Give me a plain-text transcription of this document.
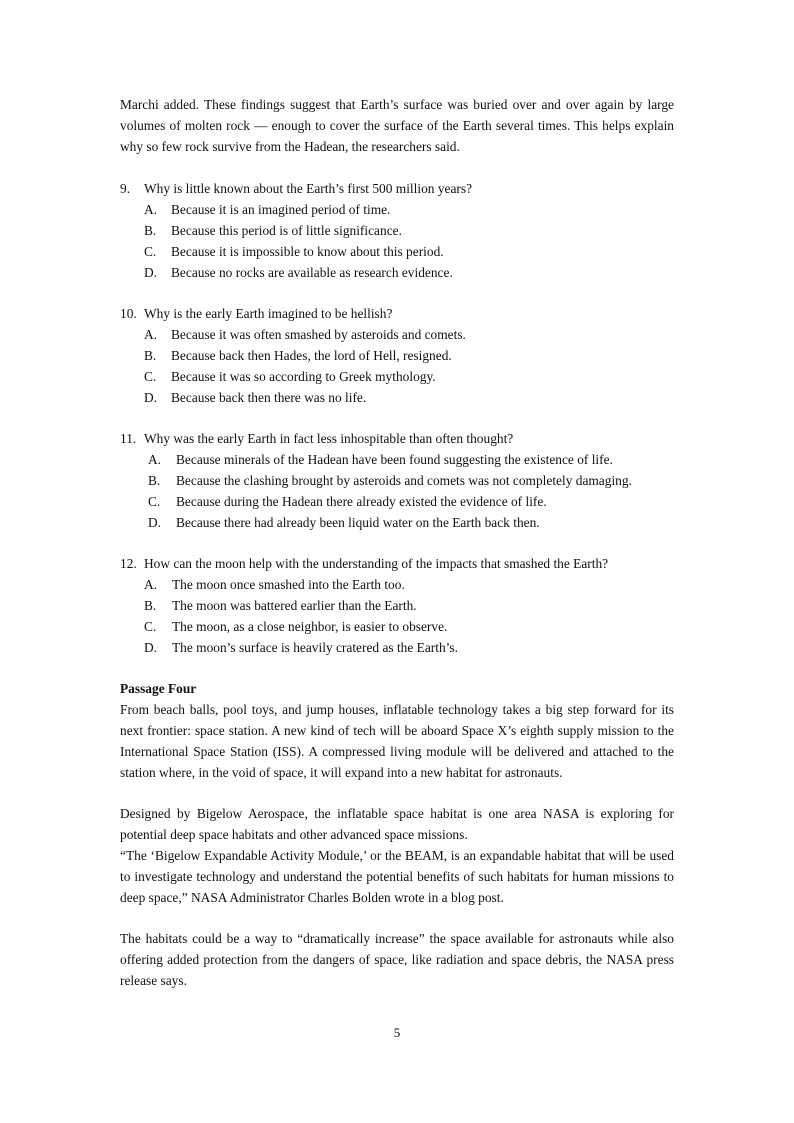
Marchi added. These findings suggest that Earth’s surface was buried over and over again by large volumes of molten rock — enough to cover the surface of the Earth several times. This helps explain why so few rock survive from the Hadean, the researchers said.

9. Why is little known about the Earth’s first 500 million years?
A. Because it is an imagined period of time.
B. Because this period is of little significance.
C. Because it is impossible to know about this period.
D. Because no rocks are available as research evidence.
10. Why is the early Earth imagined to be hellish?
A. Because it was often smashed by asteroids and comets.
B. Because back then Hades, the lord of Hell, resigned.
C. Because it was so according to Greek mythology.
D. Because back then there was no life.
11. Why was the early Earth in fact less inhospitable than often thought?
A. Because minerals of the Hadean have been found suggesting the existence of life.
B. Because the clashing brought by asteroids and comets was not completely damaging.
C. Because during the Hadean there already existed the evidence of life.
D. Because there had already been liquid water on the Earth back then.
12. How can the moon help with the understanding of the impacts that smashed the Earth?
A. The moon once smashed into the Earth too.
B. The moon was battered earlier than the Earth.
C. The moon, as a close neighbor, is easier to observe.
D. The moon’s surface is heavily cratered as the Earth’s.

Passage Four

From beach balls, pool toys, and jump houses, inflatable technology takes a big step forward for its next frontier: space station. A new kind of tech will be aboard Space X’s eighth supply mission to the International Space Station (ISS). A compressed living module will be delivered and attached to the station where, in the void of space, it will expand into a new habitat for astronauts.

Designed by Bigelow Aerospace, the inflatable space habitat is one area NASA is exploring for potential deep space habitats and other advanced space missions.

“The ‘Bigelow Expandable Activity Module,’ or the BEAM, is an expandable habitat that will be used to investigate technology and understand the potential benefits of such habitats for human missions to deep space,” NASA Administrator Charles Bolden wrote in a blog post.

The habitats could be a way to “dramatically increase” the space available for astronauts while also offering added protection from the dangers of space, like radiation and space debris, the NASA press release says.

5
